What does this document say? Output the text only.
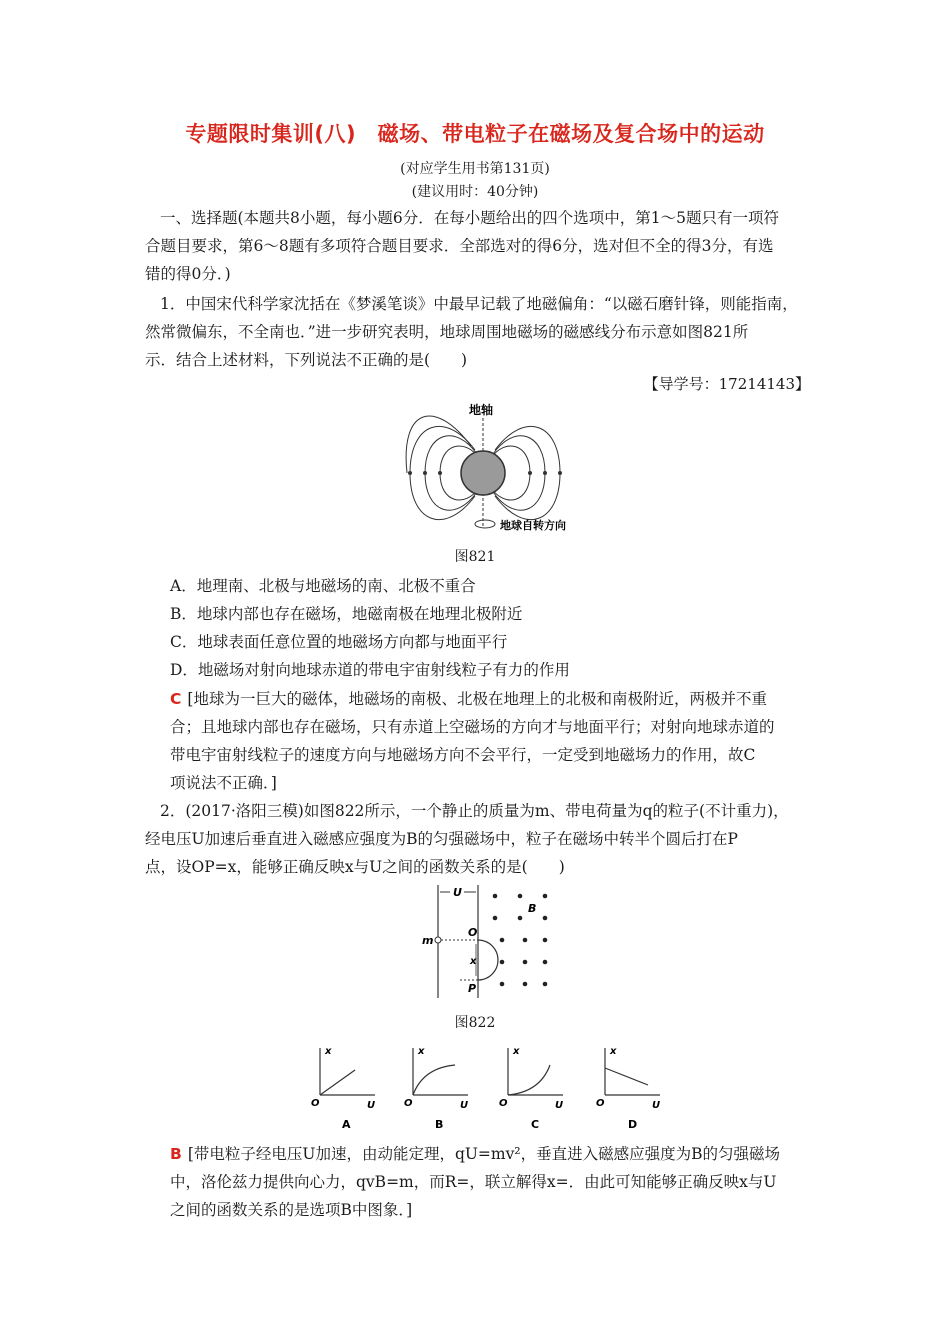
专题限时集训(八)　磁场、带电粒子在磁场及复合场中的运动
(对应学生用书第131页)
(建议用时：40分钟)
一、选择题(本题共8小题，每小题6分．在每小题给出的四个选项中，第1～5题只有一项符
合题目要求，第6～8题有多项符合题目要求．全部选对的得6分，选对但不全的得3分，有选
错的得0分．)
1．中国宋代科学家沈括在《梦溪笔谈》中最早记载了地磁偏角：“以磁石磨针锋，则能指南，
然常微偏东，不全南也．”进一步研究表明，地球周围地磁场的磁感线分布示意如图821所
示．结合上述材料，下列说法不正确的是(　　)
【导学号：17214143】
地轴
地球自转方向
图821
A．地理南、北极与地磁场的南、北极不重合
B．地球内部也存在磁场，地磁南极在地理北极附近
C．地球表面任意位置的地磁场方向都与地面平行
D．地磁场对射向地球赤道的带电宇宙射线粒子有力的作用
C [地球为一巨大的磁体，地磁场的南极、北极在地理上的北极和南极附近，两极并不重
合；且地球内部也存在磁场，只有赤道上空磁场的方向才与地面平行；对射向地球赤道的
带电宇宙射线粒子的速度方向与地磁场方向不会平行，一定受到地磁场力的作用，故C
项说法不正确．]
2．(2017·洛阳三模)如图822所示，一个静止的质量为m、带电荷量为q的粒子(不计重力)，
经电压U加速后垂直进入磁感应强度为B的匀强磁场中，粒子在磁场中转半个圆后打在P
点，设OP=x，能够正确反映x与U之间的函数关系的是(　　)
U
m
O
x
P
B
图822
x
O	U
A
x
O	U
B
x
O	U
C
x
O	U
D
B [带电粒子经电压U加速，由动能定理，qU=mv²，垂直进入磁感应强度为B的匀强磁场
中，洛伦兹力提供向心力，qvB=m，而R=，联立解得x=．由此可知能够正确反映x与U
之间的函数关系的是选项B中图象．]
